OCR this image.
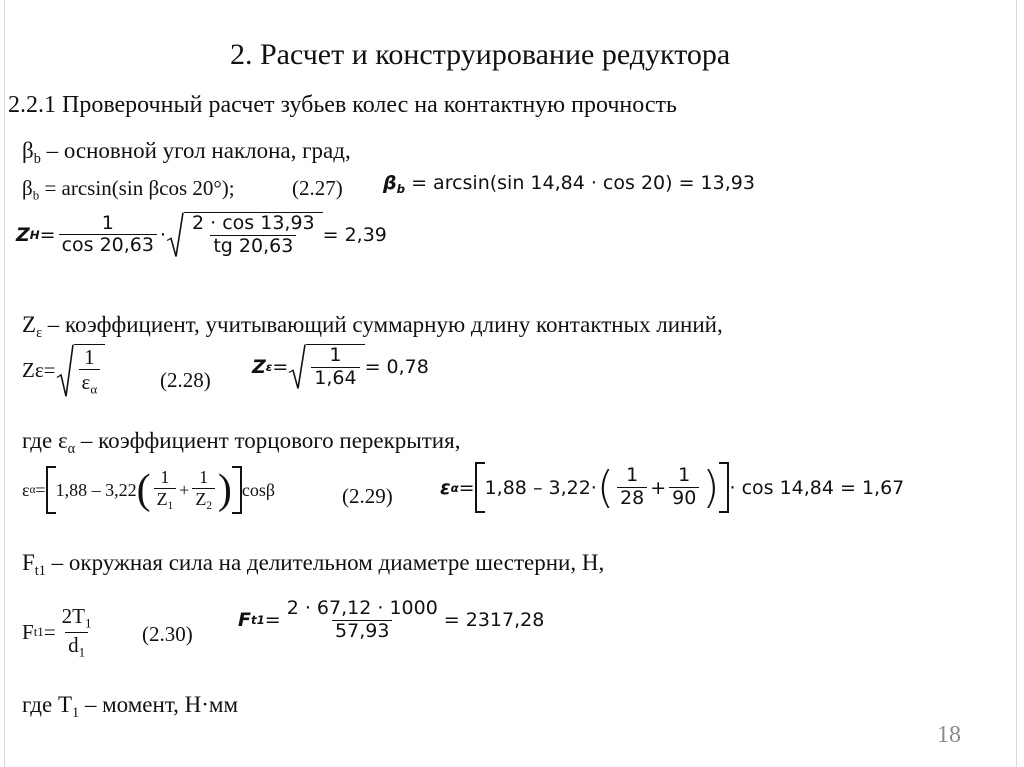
2. Расчет и конструирование редуктора
2.2.1 Проверочный расчет зубьев колес на контактную прочность
$\beta_b$ – основной угол наклона, град,
$\beta_b = \arcsin(\sin$ βcos 20°);	(2.27) $\beta_b = \arcsin(\sin$ 14,84 · cos 20) = 13,93
Z $H = \frac{1}{\cos 20,63} \cdot \frac{2 \cdot \cos 13,93}{tg 20,63} = 2,39$
$Z_\varepsilon$ – коэффициент, учитывающий суммарную длину контактных линий,
Z $\varepsilon = \frac{1}{\varepsilon_\alpha}$	(2.28)
Z $\varepsilon = \frac{1}{1,64} = 0,78$
где $\varepsilon_\alpha$ – коэффициент торцового перекрытия,
ε α = 1,88 – 3,22 ( $\frac{1}{Z_1} + \frac{1}{Z_2}$ ) cosβ	(2.29) ε α = 1,88 – 3,22 · ( $\frac{1}{28} + \frac{1}{90}$ ) · cos 14,84 = 1,67
$F_{t1}$ – окружная сила на делительном диаметре шестерни, Н,
F $t1 = \frac{2T_1}{d_1} (2.30)$
F $t1 = \frac{2 \cdot 67,12 \cdot 1000}{57,93} = 2317,28$
где $T_1$ – момент, Н·мм
18
